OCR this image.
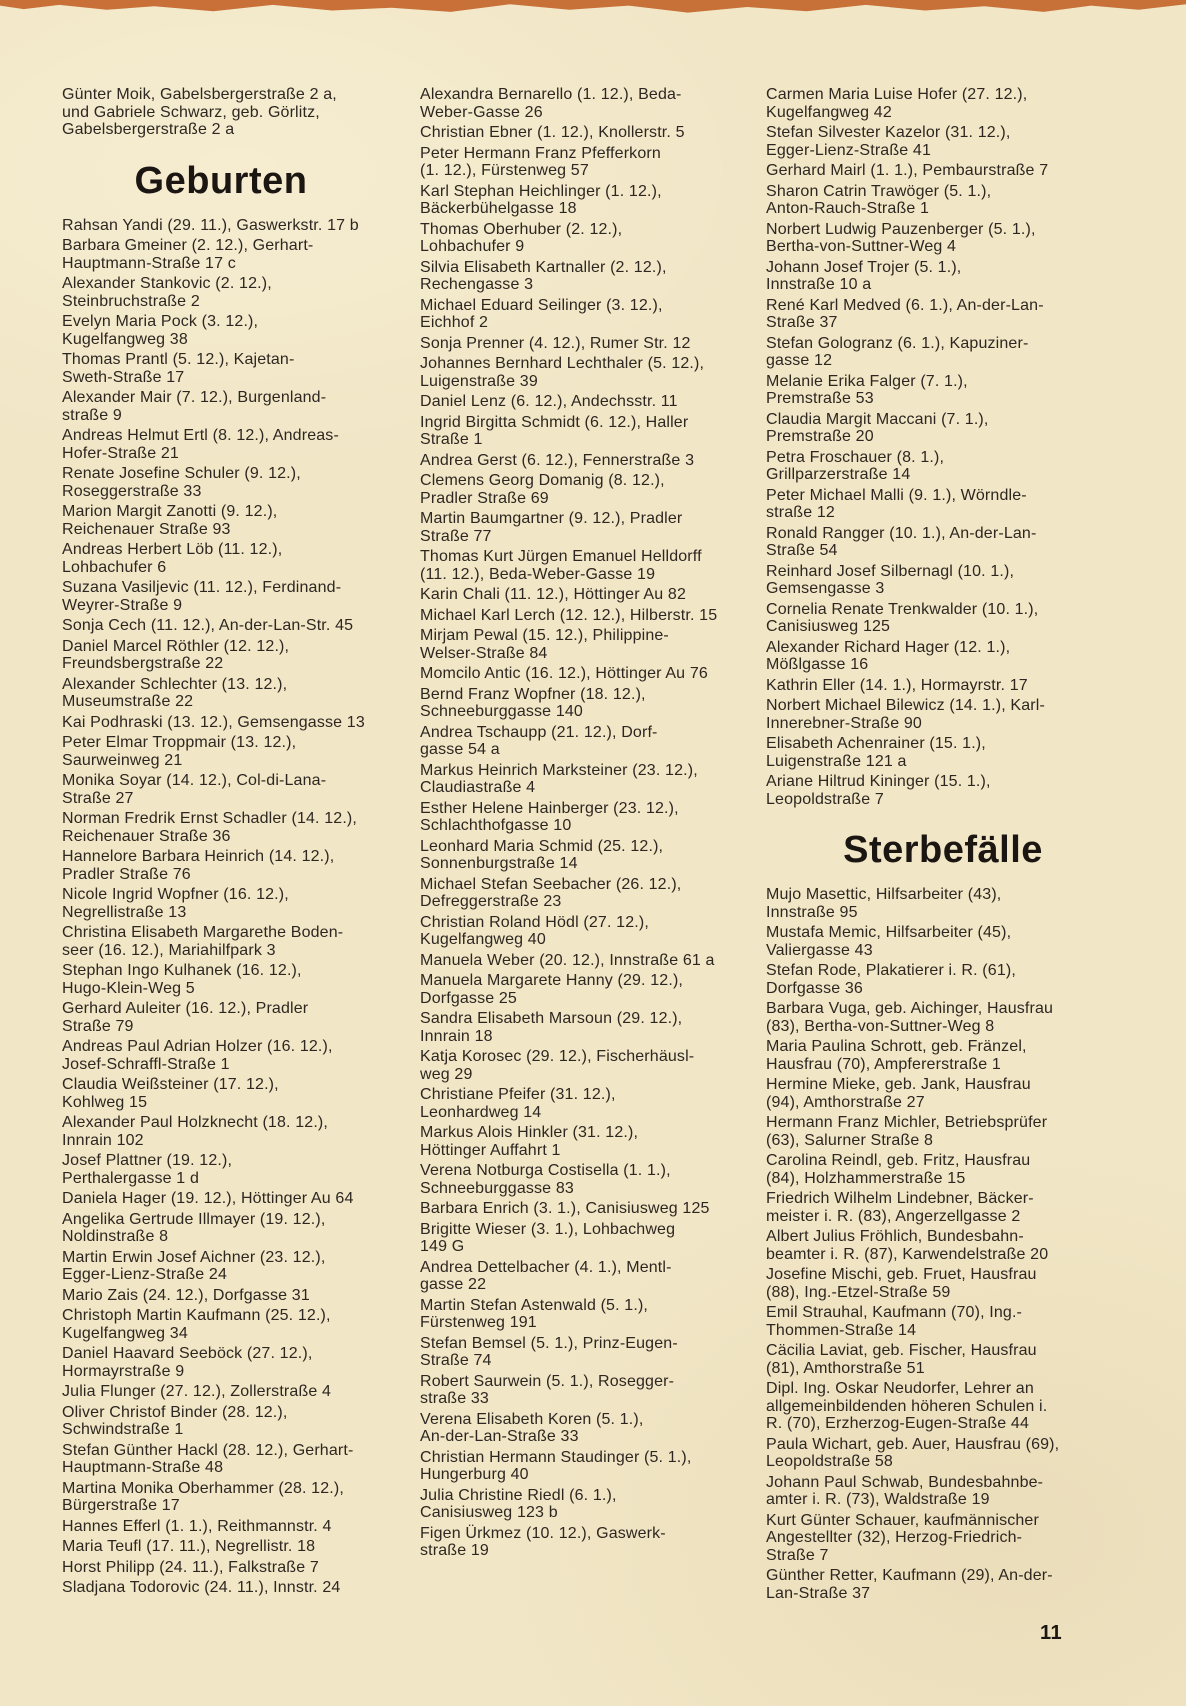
Günter Moik, Gabelsbergerstraße 2 a,
und Gabriele Schwarz, geb. Görlitz,
Gabelsbergerstraße 2 a
Geburten
Rahsan Yandi (29. 11.), Gaswerkstr. 17 b
Barbara Gmeiner (2. 12.), Gerhart-
Hauptmann-Straße 17 c
Alexander Stankovic (2. 12.),
Steinbruchstraße 2
Evelyn Maria Pock (3. 12.),
Kugelfangweg 38
Thomas Prantl (5. 12.), Kajetan-
Sweth-Straße 17
Alexander Mair (7. 12.), Burgenland-
straße 9
Andreas Helmut Ertl (8. 12.), Andreas-
Hofer-Straße 21
Renate Josefine Schuler (9. 12.),
Roseggerstraße 33
Marion Margit Zanotti (9. 12.),
Reichenauer Straße 93
Andreas Herbert Löb (11. 12.),
Lohbachufer 6
Suzana Vasiljevic (11. 12.), Ferdinand-
Weyrer-Straße 9
Sonja Cech (11. 12.), An-der-Lan-Str. 45
Daniel Marcel Röthler (12. 12.),
Freundsbergstraße 22
Alexander Schlechter (13. 12.),
Museumstraße 22
Kai Podhraski (13. 12.), Gemsengasse 13
Peter Elmar Troppmair (13. 12.),
Saurweinweg 21
Monika Soyar (14. 12.), Col-di-Lana-
Straße 27
Norman Fredrik Ernst Schadler (14. 12.),
Reichenauer Straße 36
Hannelore Barbara Heinrich (14. 12.),
Pradler Straße 76
Nicole Ingrid Wopfner (16. 12.),
Negrellistraße 13
Christina Elisabeth Margarethe Boden-
seer (16. 12.), Mariahilfpark 3
Stephan Ingo Kulhanek (16. 12.),
Hugo-Klein-Weg 5
Gerhard Auleiter (16. 12.), Pradler
Straße 79
Andreas Paul Adrian Holzer (16. 12.),
Josef-Schraffl-Straße 1
Claudia Weißsteiner (17. 12.),
Kohlweg 15
Alexander Paul Holzknecht (18. 12.),
Innrain 102
Josef Plattner (19. 12.),
Perthalergasse 1 d
Daniela Hager (19. 12.), Höttinger Au 64
Angelika Gertrude Illmayer (19. 12.),
Noldinstraße 8
Martin Erwin Josef Aichner (23. 12.),
Egger-Lienz-Straße 24
Mario Zais (24. 12.), Dorfgasse 31
Christoph Martin Kaufmann (25. 12.),
Kugelfangweg 34
Daniel Haavard Seeböck (27. 12.),
Hormayrstraße 9
Julia Flunger (27. 12.), Zollerstraße 4
Oliver Christof Binder (28. 12.),
Schwindstraße 1
Stefan Günther Hackl (28. 12.), Gerhart-
Hauptmann-Straße 48
Martina Monika Oberhammer (28. 12.),
Bürgerstraße 17
Hannes Efferl (1. 1.), Reithmannstr. 4
Maria Teufl (17. 11.), Negrellistr. 18
Horst Philipp (24. 11.), Falkstraße 7
Sladjana Todorovic (24. 11.), Innstr. 24
Alexandra Bernarello (1. 12.), Beda-
Weber-Gasse 26
Christian Ebner (1. 12.), Knollerstr. 5
Peter Hermann Franz Pfefferkorn
(1. 12.), Fürstenweg 57
Karl Stephan Heichlinger (1. 12.),
Bäckerbühelgasse 18
Thomas Oberhuber (2. 12.),
Lohbachufer 9
Silvia Elisabeth Kartnaller (2. 12.),
Rechengasse 3
Michael Eduard Seilinger (3. 12.),
Eichhof 2
Sonja Prenner (4. 12.), Rumer Str. 12
Johannes Bernhard Lechthaler (5. 12.),
Luigenstraße 39
Daniel Lenz (6. 12.), Andechsstr. 11
Ingrid Birgitta Schmidt (6. 12.), Haller
Straße 1
Andrea Gerst (6. 12.), Fennerstraße 3
Clemens Georg Domanig (8. 12.),
Pradler Straße 69
Martin Baumgartner (9. 12.), Pradler
Straße 77
Thomas Kurt Jürgen Emanuel Helldorff
(11. 12.), Beda-Weber-Gasse 19
Karin Chali (11. 12.), Höttinger Au 82
Michael Karl Lerch (12. 12.), Hilberstr. 15
Mirjam Pewal (15. 12.), Philippine-
Welser-Straße 84
Momcilo Antic (16. 12.), Höttinger Au 76
Bernd Franz Wopfner (18. 12.),
Schneeburggasse 140
Andrea Tschaupp (21. 12.), Dorf-
gasse 54 a
Markus Heinrich Marksteiner (23. 12.),
Claudiastraße 4
Esther Helene Hainberger (23. 12.),
Schlachthofgasse 10
Leonhard Maria Schmid (25. 12.),
Sonnenburgstraße 14
Michael Stefan Seebacher (26. 12.),
Defreggerstraße 23
Christian Roland Hödl (27. 12.),
Kugelfangweg 40
Manuela Weber (20. 12.), Innstraße 61 a
Manuela Margarete Hanny (29. 12.),
Dorfgasse 25
Sandra Elisabeth Marsoun (29. 12.),
Innrain 18
Katja Korosec (29. 12.), Fischerhäusl-
weg 29
Christiane Pfeifer (31. 12.),
Leonhardweg 14
Markus Alois Hinkler (31. 12.),
Höttinger Auffahrt 1
Verena Notburga Costisella (1. 1.),
Schneeburggasse 83
Barbara Enrich (3. 1.), Canisiusweg 125
Brigitte Wieser (3. 1.), Lohbachweg
149 G
Andrea Dettelbacher (4. 1.), Mentl-
gasse 22
Martin Stefan Astenwald (5. 1.),
Fürstenweg 191
Stefan Bemsel (5. 1.), Prinz-Eugen-
Straße 74
Robert Saurwein (5. 1.), Rosegger-
straße 33
Verena Elisabeth Koren (5. 1.),
An-der-Lan-Straße 33
Christian Hermann Staudinger (5. 1.),
Hungerburg 40
Julia Christine Riedl (6. 1.),
Canisiusweg 123 b
Figen Ürkmez (10. 12.), Gaswerk-
straße 19
Carmen Maria Luise Hofer (27. 12.),
Kugelfangweg 42
Stefan Silvester Kazelor (31. 12.),
Egger-Lienz-Straße 41
Gerhard Mairl (1. 1.), Pembaurstraße 7
Sharon Catrin Trawöger (5. 1.),
Anton-Rauch-Straße 1
Norbert Ludwig Pauzenberger (5. 1.),
Bertha-von-Suttner-Weg 4
Johann Josef Trojer (5. 1.),
Innstraße 10 a
René Karl Medved (6. 1.), An-der-Lan-
Straße 37
Stefan Gologranz (6. 1.), Kapuziner-
gasse 12
Melanie Erika Falger (7. 1.),
Premstraße 53
Claudia Margit Maccani (7. 1.),
Premstraße 20
Petra Froschauer (8. 1.),
Grillparzerstraße 14
Peter Michael Malli (9. 1.), Wörndle-
straße 12
Ronald Rangger (10. 1.), An-der-Lan-
Straße 54
Reinhard Josef Silbernagl (10. 1.),
Gemsengasse 3
Cornelia Renate Trenkwalder (10. 1.),
Canisiusweg 125
Alexander Richard Hager (12. 1.),
Mößlgasse 16
Kathrin Eller (14. 1.), Hormayrstr. 17
Norbert Michael Bilewicz (14. 1.), Karl-
Innerebner-Straße 90
Elisabeth Achenrainer (15. 1.),
Luigenstraße 121 a
Ariane Hiltrud Kininger (15. 1.),
Leopoldstraße 7
Sterbefälle
Mujo Masettic, Hilfsarbeiter (43),
Innstraße 95
Mustafa Memic, Hilfsarbeiter (45),
Valiergasse 43
Stefan Rode, Plakatierer i. R. (61),
Dorfgasse 36
Barbara Vuga, geb. Aichinger, Hausfrau
(83), Bertha-von-Suttner-Weg 8
Maria Paulina Schrott, geb. Fränzel,
Hausfrau (70), Ampfererstraße 1
Hermine Mieke, geb. Jank, Hausfrau
(94), Amthorstraße 27
Hermann Franz Michler, Betriebsprüfer
(63), Salurner Straße 8
Carolina Reindl, geb. Fritz, Hausfrau
(84), Holzhammerstraße 15
Friedrich Wilhelm Lindebner, Bäcker-
meister i. R. (83), Angerzellgasse 2
Albert Julius Fröhlich, Bundesbahn-
beamter i. R. (87), Karwendelstraße 20
Josefine Mischi, geb. Fruet, Hausfrau
(88), Ing.-Etzel-Straße 59
Emil Strauhal, Kaufmann (70), Ing.-
Thommen-Straße 14
Cäcilia Laviat, geb. Fischer, Hausfrau
(81), Amthorstraße 51
Dipl. Ing. Oskar Neudorfer, Lehrer an
allgemeinbildenden höheren Schulen i.
R. (70), Erzherzog-Eugen-Straße 44
Paula Wichart, geb. Auer, Hausfrau (69),
Leopoldstraße 58
Johann Paul Schwab, Bundesbahnbe-
amter i. R. (73), Waldstraße 19
Kurt Günter Schauer, kaufmännischer
Angestellter (32), Herzog-Friedrich-
Straße 7
Günther Retter, Kaufmann (29), An-der-
Lan-Straße 37
11
